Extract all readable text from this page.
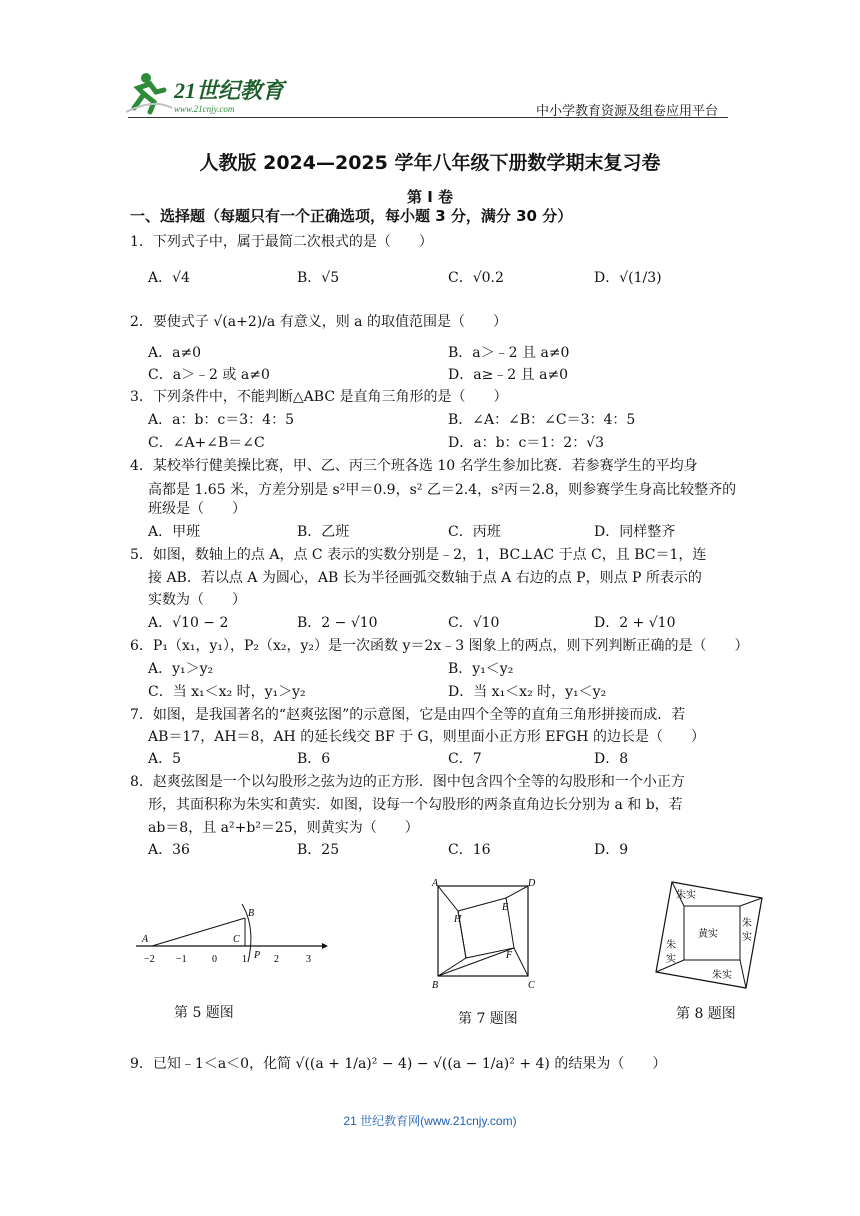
21世纪教育
www.21cnjy.com	中小学教育资源及组卷应用平台
人教版 2024—2025 学年八年级下册数学期末复习卷
第 I 卷
一、选择题（每题只有一个正确选项，每小题 3 分，满分 30 分）
1．下列式子中，属于最简二次根式的是（　　）
A．√4	B．√5	C．√0.2	D．√(1/3)
2．要使式子 √(a+2)/a 有意义，则 a 的取值范围是（　　）
A．a≠0	B．a＞﹣2 且 a≠0
C．a＞﹣2 或 a≠0	D．a≥﹣2 且 a≠0
3．下列条件中，不能判断△ABC 是直角三角形的是（　　）
A．a：b：c＝3：4：5	B．∠A：∠B：∠C＝3：4：5
C．∠A+∠B＝∠C	D．a：b：c＝1：2：√3
4．某校举行健美操比赛，甲、乙、丙三个班各选 10 名学生参加比赛．若参赛学生的平均身
高都是 1.65 米，方差分别是 s²甲＝0.9，s² 乙＝2.4，s²丙＝2.8，则参赛学生身高比较整齐的
班级是（　　）
A．甲班	B．乙班	C．丙班	D．同样整齐
5．如图，数轴上的点 A，点 C 表示的实数分别是﹣2，1，BC⊥AC 于点 C，且 BC＝1，连
接 AB．若以点 A 为圆心，AB 长为半径画弧交数轴于点 A 右边的点 P，则点 P 所表示的
实数为（　　）
A．√10 − 2	B．2 − √10	C．√10	D．2 + √10
6．P₁（x₁，y₁），P₂（x₂，y₂）是一次函数 y＝2x﹣3 图象上的两点，则下列判断正确的是（　　）
A．y₁＞y₂	B．y₁＜y₂
C．当 x₁＜x₂ 时，y₁＞y₂	D．当 x₁＜x₂ 时，y₁＜y₂
7．如图，是我国著名的“赵爽弦图”的示意图，它是由四个全等的直角三角形拼接而成．若
AB＝17，AH＝8，AH 的延长线交 BF 于 G，则里面小正方形 EFGH 的边长是（　　）
A．5	B．6	C．7	D．8
8．赵爽弦图是一个以勾股形之弦为边的正方形．图中包含四个全等的勾股形和一个小正方
形，其面积称为朱实和黄实．如图，设每一个勾股形的两条直角边长分别为 a 和 b，若
ab＝8，且 a²+b²＝25，则黄实为（　　）
A．36	B．25	C．16	D．9
A
B
C
P
−2 −1	0	1	2	3
第 5 题图
A	D
H
E
F
B	C
第 7 题图
朱实
朱
实
黄实
朱
实
朱实
第 8 题图
9．已知﹣1＜a＜0，化简 √((a + 1/a)² − 4) − √((a − 1/a)² + 4) 的结果为（　　）
21 世纪教育网(www.21cnjy.com)
